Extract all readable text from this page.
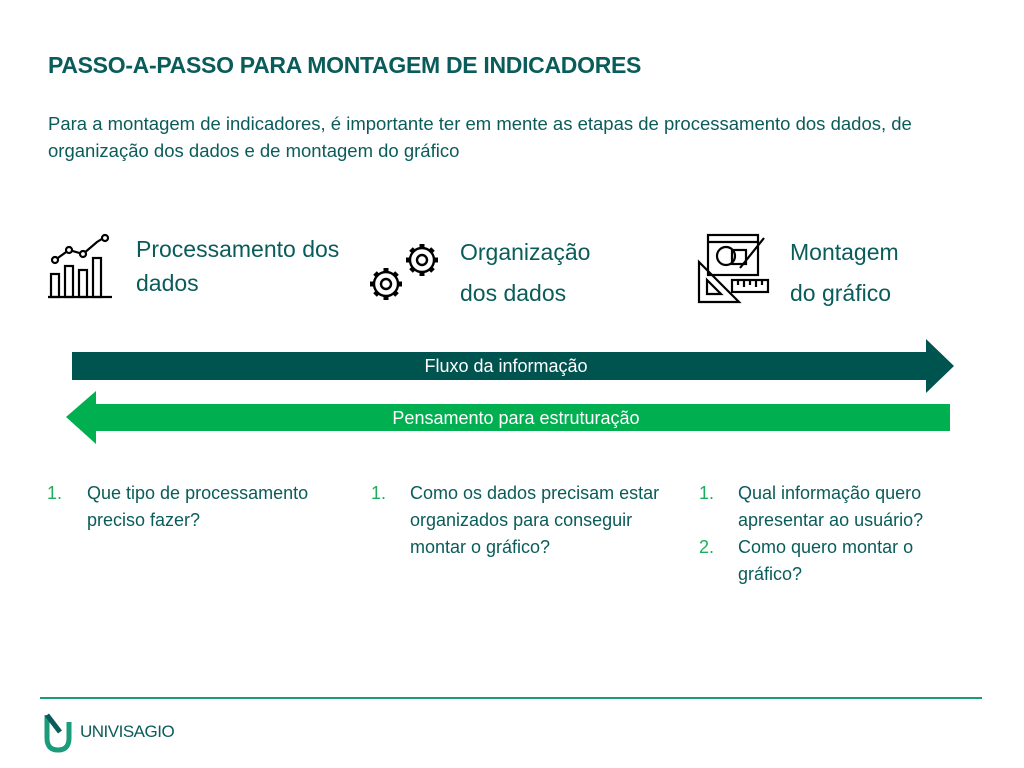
PASSO-A-PASSO PARA MONTAGEM DE INDICADORES
Para a montagem de indicadores, é importante ter em mente as etapas de processamento dos dados, de organização dos dados e de montagem do gráfico
Processamento dos
dados
Organização
dos dados
Montagem
do gráfico
Fluxo da informação
Pensamento para estruturação
1. Que tipo de processamento preciso fazer?
1. Como os dados precisam estar organizados para conseguir montar o gráfico?
1. Qual informação quero apresentar ao usuário?
2. Como quero montar o gráfico?
UNIVISAGIO
